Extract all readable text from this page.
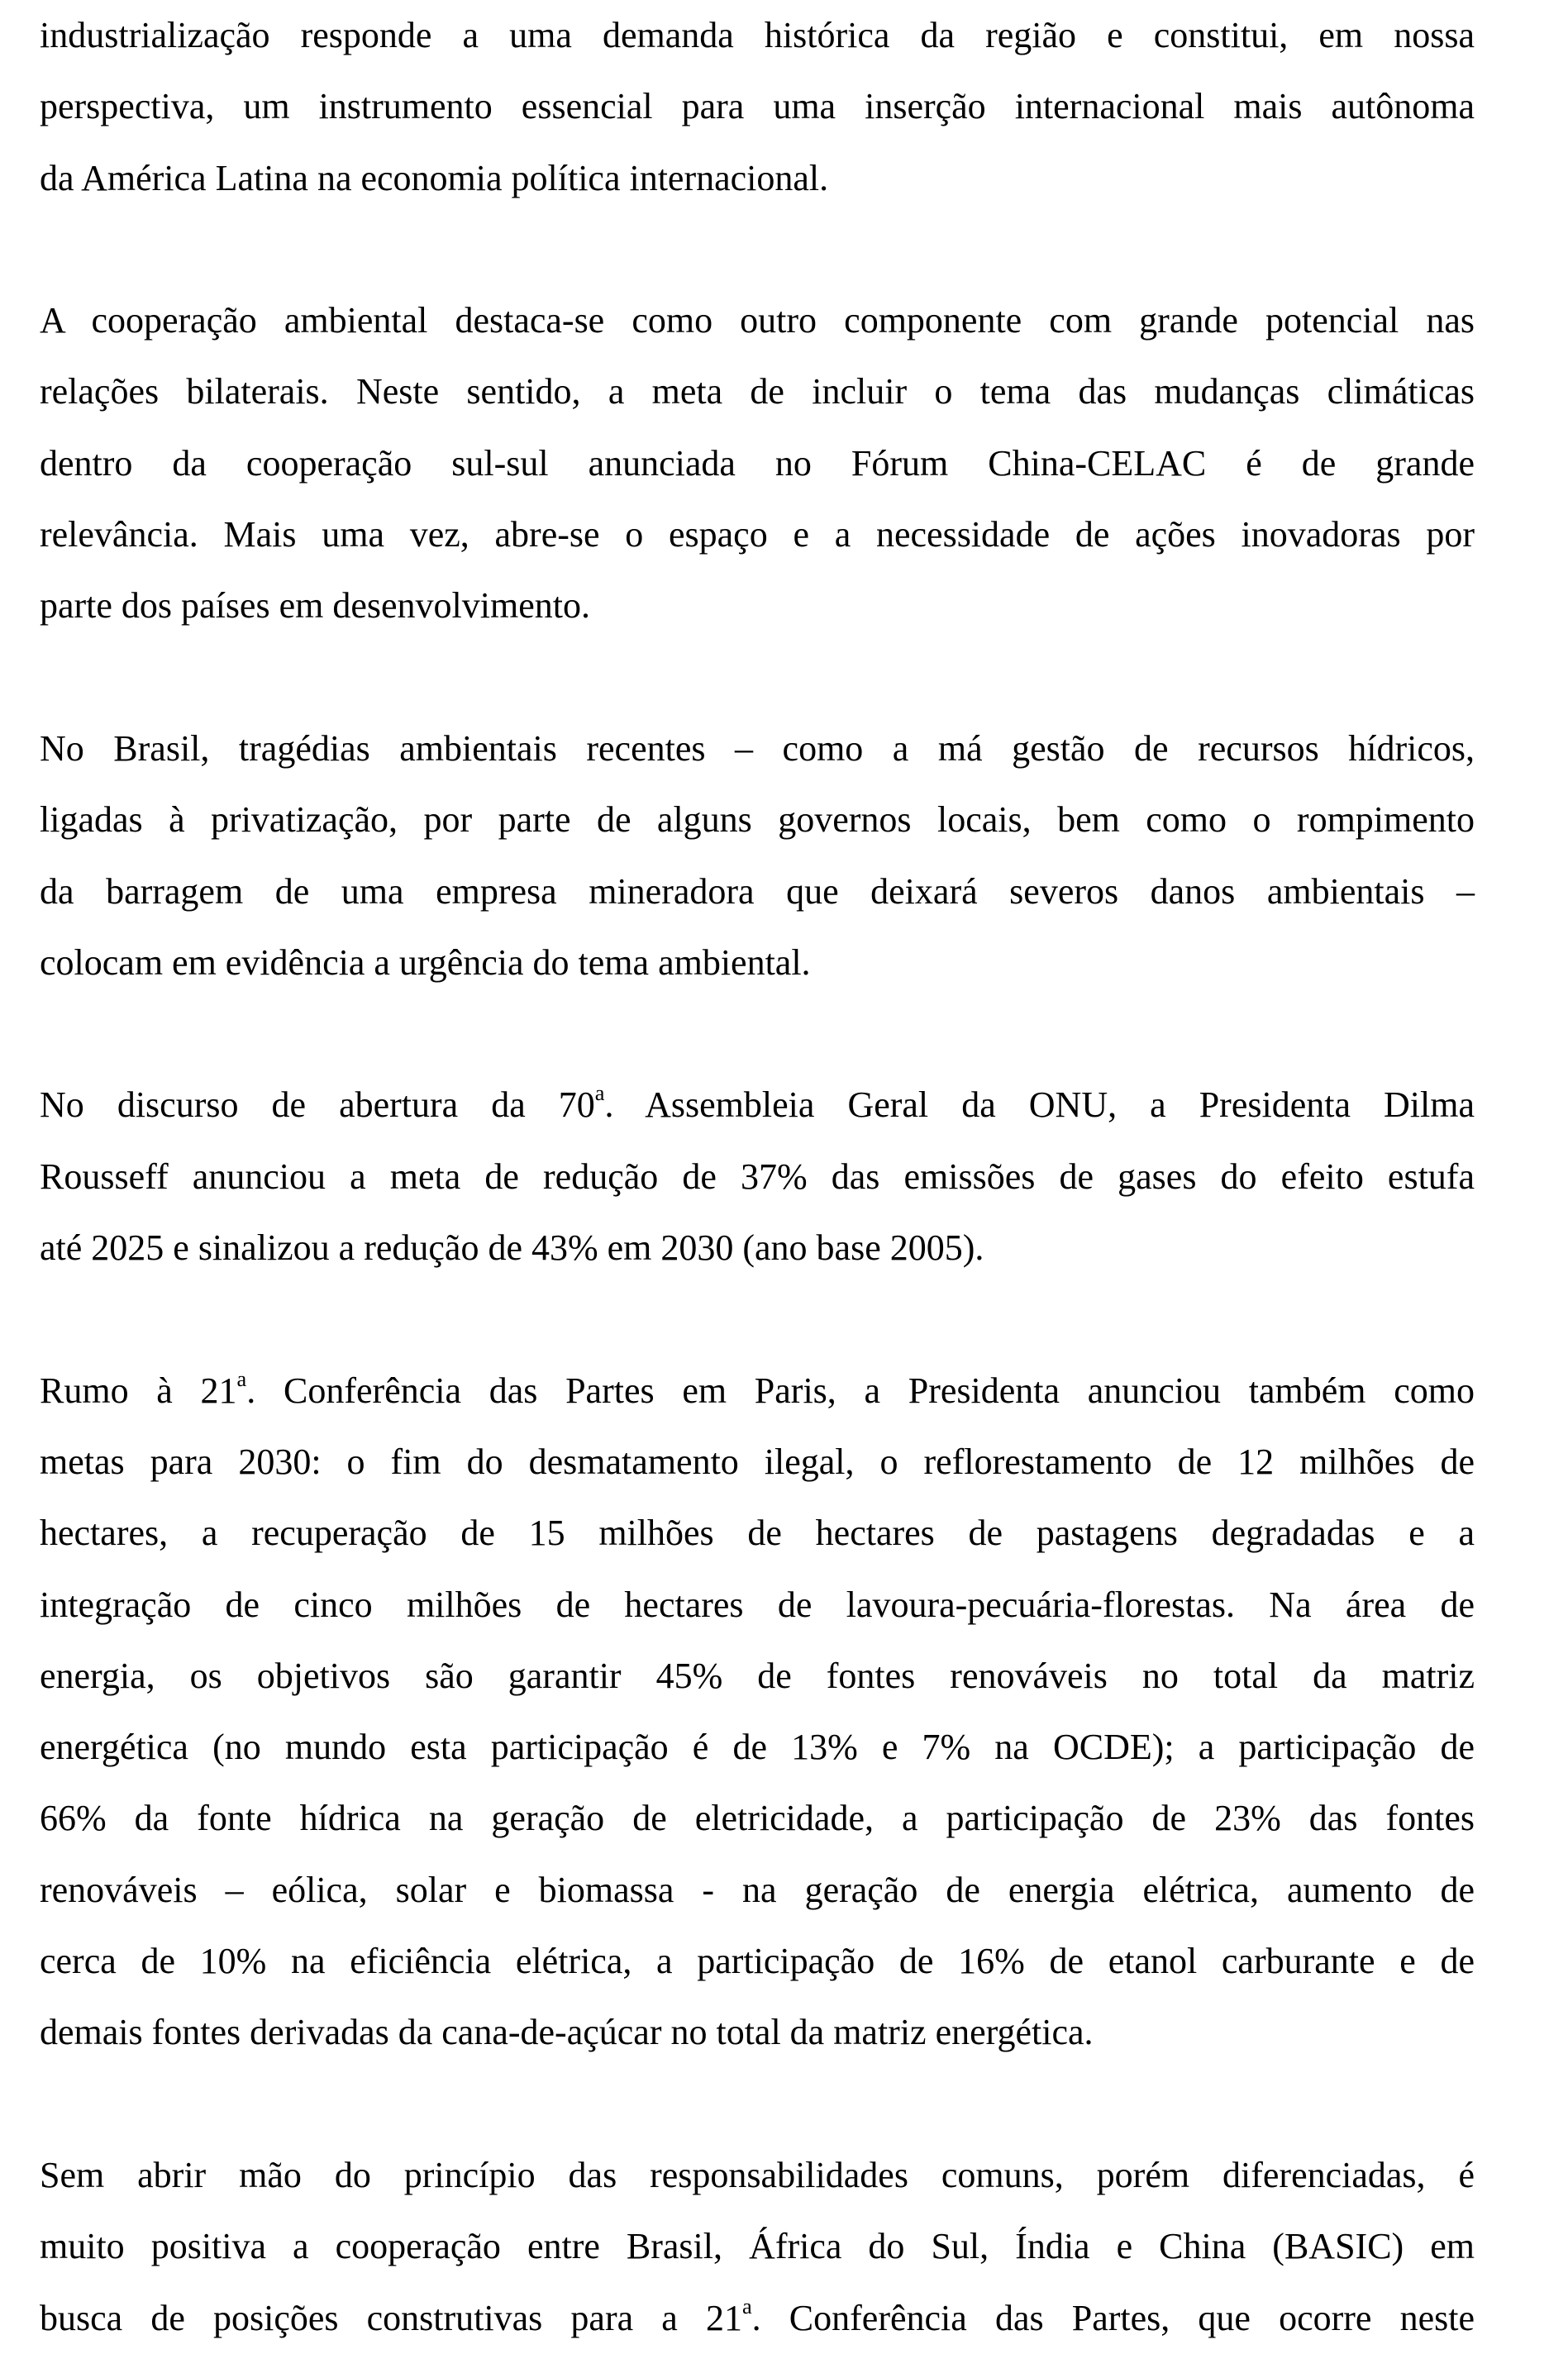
industrialização responde a uma demanda histórica da região e constitui, em nossa
perspectiva, um instrumento essencial para uma inserção internacional mais autônoma
da América Latina na economia política internacional.
A cooperação ambiental destaca-se como outro componente com grande potencial nas
relações bilaterais. Neste sentido, a meta de incluir o tema das mudanças climáticas
dentro da cooperação sul-sul anunciada no Fórum China-CELAC é de grande
relevância. Mais uma vez, abre-se o espaço e a necessidade de ações inovadoras por
parte dos países em desenvolvimento.
No Brasil, tragédias ambientais recentes – como a má gestão de recursos hídricos,
ligadas à privatização, por parte de alguns governos locais, bem como o rompimento
da barragem de uma empresa mineradora que deixará severos danos ambientais –
colocam em evidência a urgência do tema ambiental.
No discurso de abertura da 70$^a$. Assembleia Geral da ONU, a Presidenta Dilma
Rousseff anunciou a meta de redução de 37% das emissões de gases do efeito estufa
até 2025 e sinalizou a redução de 43% em 2030 (ano base 2005).
Rumo à 21$^a$. Conferência das Partes em Paris, a Presidenta anunciou também como
metas para 2030: o fim do desmatamento ilegal, o reflorestamento de 12 milhões de
hectares, a recuperação de 15 milhões de hectares de pastagens degradadas e a
integração de cinco milhões de hectares de lavoura-pecuária-florestas. Na área de
energia, os objetivos são garantir 45% de fontes renováveis no total da matriz
energética (no mundo esta participação é de 13% e 7% na OCDE); a participação de
66% da fonte hídrica na geração de eletricidade, a participação de 23% das fontes
renováveis – eólica, solar e biomassa - na geração de energia elétrica, aumento de
cerca de 10% na eficiência elétrica, a participação de 16% de etanol carburante e de
demais fontes derivadas da cana-de-açúcar no total da matriz energética.
Sem abrir mão do princípio das responsabilidades comuns, porém diferenciadas, é
muito positiva a cooperação entre Brasil, África do Sul, Índia e China (BASIC) em
busca de posições construtivas para a 21$^a$. Conferência das Partes, que ocorre neste
